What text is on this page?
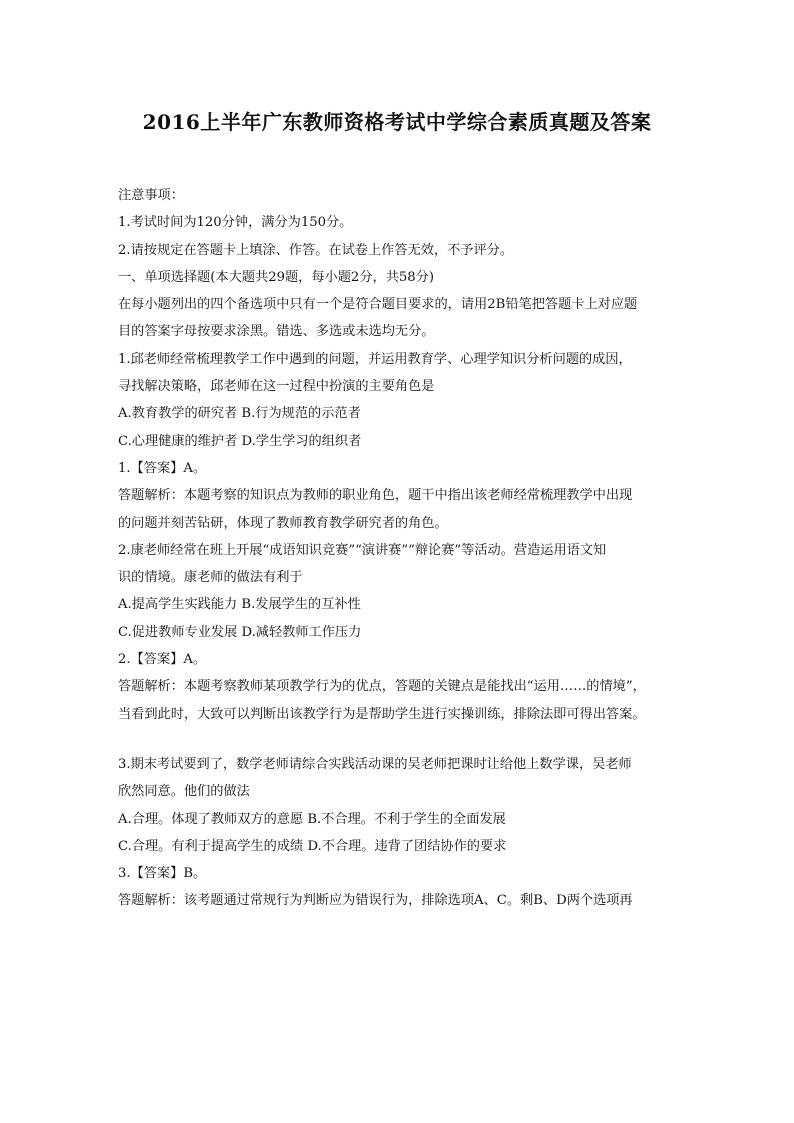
2016上半年广东教师资格考试中学综合素质真题及答案
注意事项：
1.考试时间为120分钟，满分为150分。
2.请按规定在答题卡上填涂、作答。在试卷上作答无效，不予评分。
一、单项选择题(本大题共29题，每小题2分，共58分)
在每小题列出的四个备选项中只有一个是符合题目要求的，请用2B铅笔把答题卡上对应题
目的答案字母按要求涂黑。错选、多选或未选均无分。
1.邱老师经常梳理教学工作中遇到的问题，并运用教育学、心理学知识分析问题的成因，
寻找解决策略，邱老师在这一过程中扮演的主要角色是
A.教育教学的研究者 B.行为规范的示范者
C.心理健康的维护者 D.学生学习的组织者
1.【答案】A。
答题解析：本题考察的知识点为教师的职业角色，题干中指出该老师经常梳理教学中出现
的问题并刻苦钻研，体现了教师教育教学研究者的角色。
2.康老师经常在班上开展“成语知识竞赛”“演讲赛”“辩论赛”等活动。营造运用语文知
识的情境。康老师的做法有利于
A.提高学生实践能力 B.发展学生的互补性
C.促进教师专业发展 D.减轻教师工作压力
2.【答案】A。
答题解析：本题考察教师某项教学行为的优点，答题的关键点是能找出“运用……的情境”，
当看到此时，大致可以判断出该教学行为是帮助学生进行实操训练，排除法即可得出答案。
3.期末考试要到了，数学老师请综合实践活动课的吴老师把课时让给他上数学课，吴老师
欣然同意。他们的做法
A.合理。体现了教师双方的意愿 B.不合理。不利于学生的全面发展
C.合理。有利于提高学生的成绩 D.不合理。违背了团结协作的要求
3.【答案】B。
答题解析：该考题通过常规行为判断应为错误行为，排除选项A、C。剩B、D两个选项再
